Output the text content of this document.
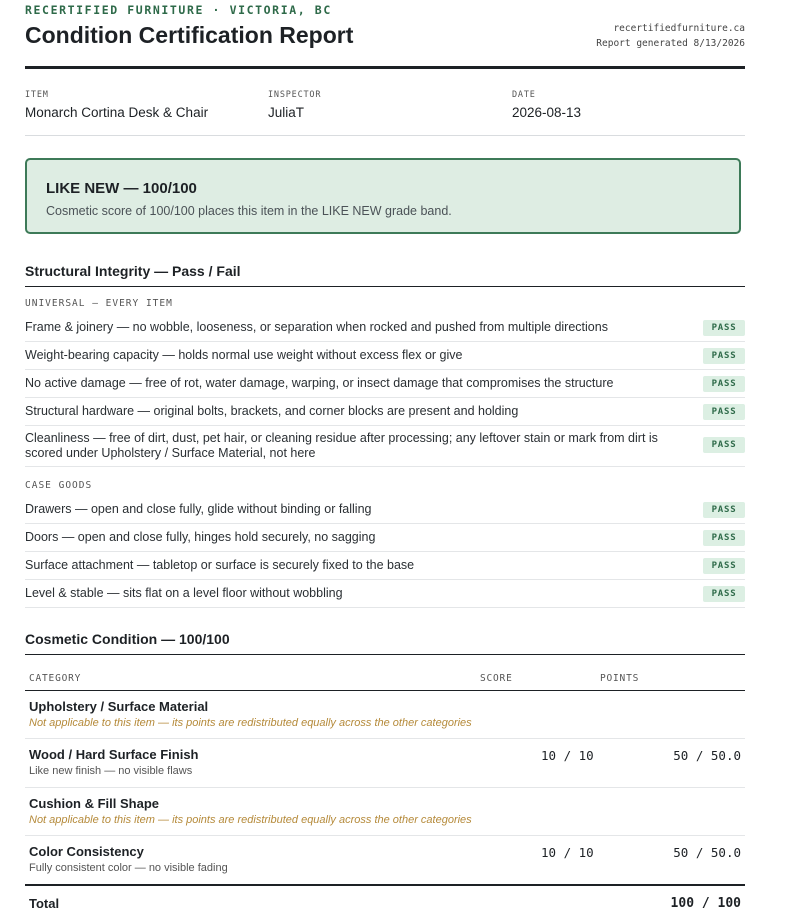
RECERTIFIED FURNITURE · VICTORIA, BC
Condition Certification Report	recertifiedfurniture.ca
Report generated 8/13/2026
ITEM
Monarch Cortina Desk & Chair
INSPECTOR
JuliaT
DATE
2026-08-13
LIKE NEW — 100/100
Cosmetic score of 100/100 places this item in the LIKE NEW grade band.
Structural Integrity — Pass / Fail
UNIVERSAL — EVERY ITEM
Frame & joinery — no wobble, looseness, or separation when rocked and pushed from multiple directions	PASS
Weight-bearing capacity — holds normal use weight without excess flex or give	PASS
No active damage — free of rot, water damage, warping, or insect damage that compromises the structure	PASS
Structural hardware — original bolts, brackets, and corner blocks are present and holding	PASS
Cleanliness — free of dirt, dust, pet hair, or cleaning residue after processing; any leftover stain or mark from dirt is scored under Upholstery / Surface Material, not here
PASS
CASE GOODS
Drawers — open and close fully, glide without binding or falling	PASS
Doors — open and close fully, hinges hold securely, no sagging	PASS
Surface attachment — tabletop or surface is securely fixed to the base	PASS
Level & stable — sits flat on a level floor without wobbling	PASS
Cosmetic Condition — 100/100
CATEGORY	SCORE	POINTS
Upholstery / Surface Material
Not applicable to this item — its points are redistributed equally across the other categories
Wood / Hard Surface Finish
Like new finish — no visible flaws
10 / 10	50 / 50.0
Cushion & Fill Shape
Not applicable to this item — its points are redistributed equally across the other categories
Color Consistency
Fully consistent color — no visible fading
10 / 10	50 / 50.0
Total	100 / 100
